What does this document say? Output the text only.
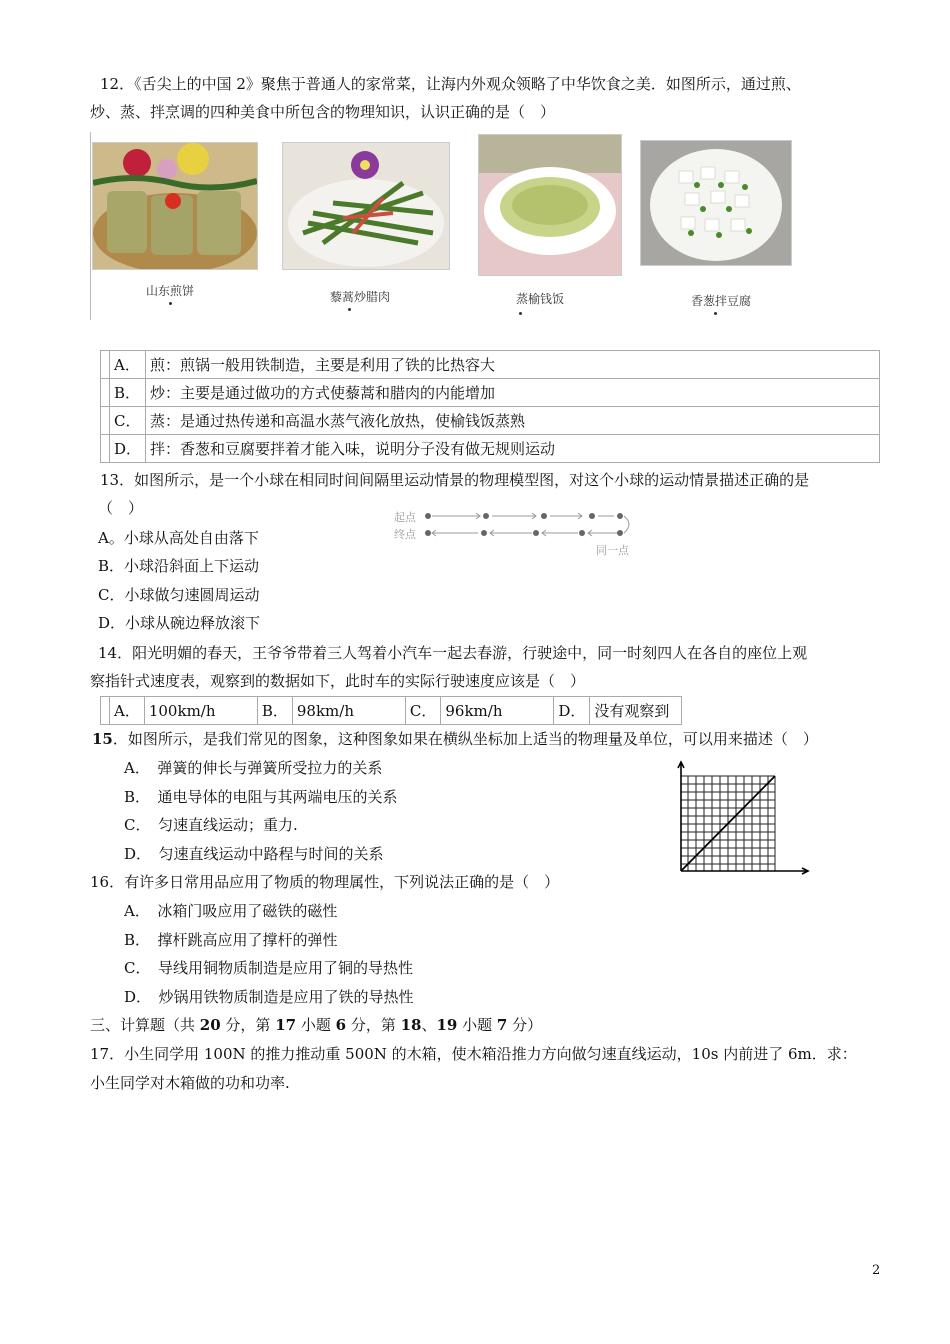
12．《舌尖上的中国 2》聚焦于普通人的家常菜，让海内外观众领略了中华饮食之美．如图所示，通过煎、
炒、蒸、拌烹调的四种美食中所包含的物理知识，认识正确的是（　）
山东煎饼	藜蒿炒腊肉	蒸榆钱饭	香葱拌豆腐
	A．	煎：煎锅一般用铁制造，主要是利用了铁的比热容大
	B．	炒：主要是通过做功的方式使藜蒿和腊肉的内能增加
	C．	蒸：是通过热传递和高温水蒸气液化放热，使榆钱饭蒸熟
	D．	拌：香葱和豆腐要拌着才能入味，说明分子没有做无规则运动
13．如图所示，是一个小球在相同时间间隔里运动情景的物理模型图，对这个小球的运动情景描述正确的是
（　）
A。小球从高处自由落下
B．小球沿斜面上下运动
C．小球做匀速圆周运动
D．小球从碗边释放滚下
起点
终点
同一点
14．阳光明媚的春天，王爷爷带着三人驾着小汽车一起去春游，行驶途中，同一时刻四人在各自的座位上观
察指针式速度表，观察到的数据如下，此时车的实际行驶速度应该是（　）
	A．	100km/h	B．	98km/h	C．	96km/h	D．	没有观察到
15．如图所示，是我们常见的图象，这种图象如果在横纵坐标加上适当的物理量及单位，可以用来描述（　）
A．　弹簧的伸长与弹簧所受拉力的关系
B．　通电导体的电阻与其两端电压的关系
C．　匀速直线运动；重力.
D．　匀速直线运动中路程与时间的关系
16．有许多日常用品应用了物质的物理属性，下列说法正确的是（　）
A．　冰箱门吸应用了磁铁的磁性
B．　撑杆跳高应用了撑杆的弹性
C．　导线用铜物质制造是应用了铜的导热性
D．　炒锅用铁物质制造是应用了铁的导热性
三、计算题（共 20 分，第 17 小题 6 分，第 18、19 小题 7 分）
17．小生同学用 100N 的推力推动重 500N 的木箱，使木箱沿推力方向做匀速直线运动，10s 内前进了 6m．求：
小生同学对木箱做的功和功率.
2
